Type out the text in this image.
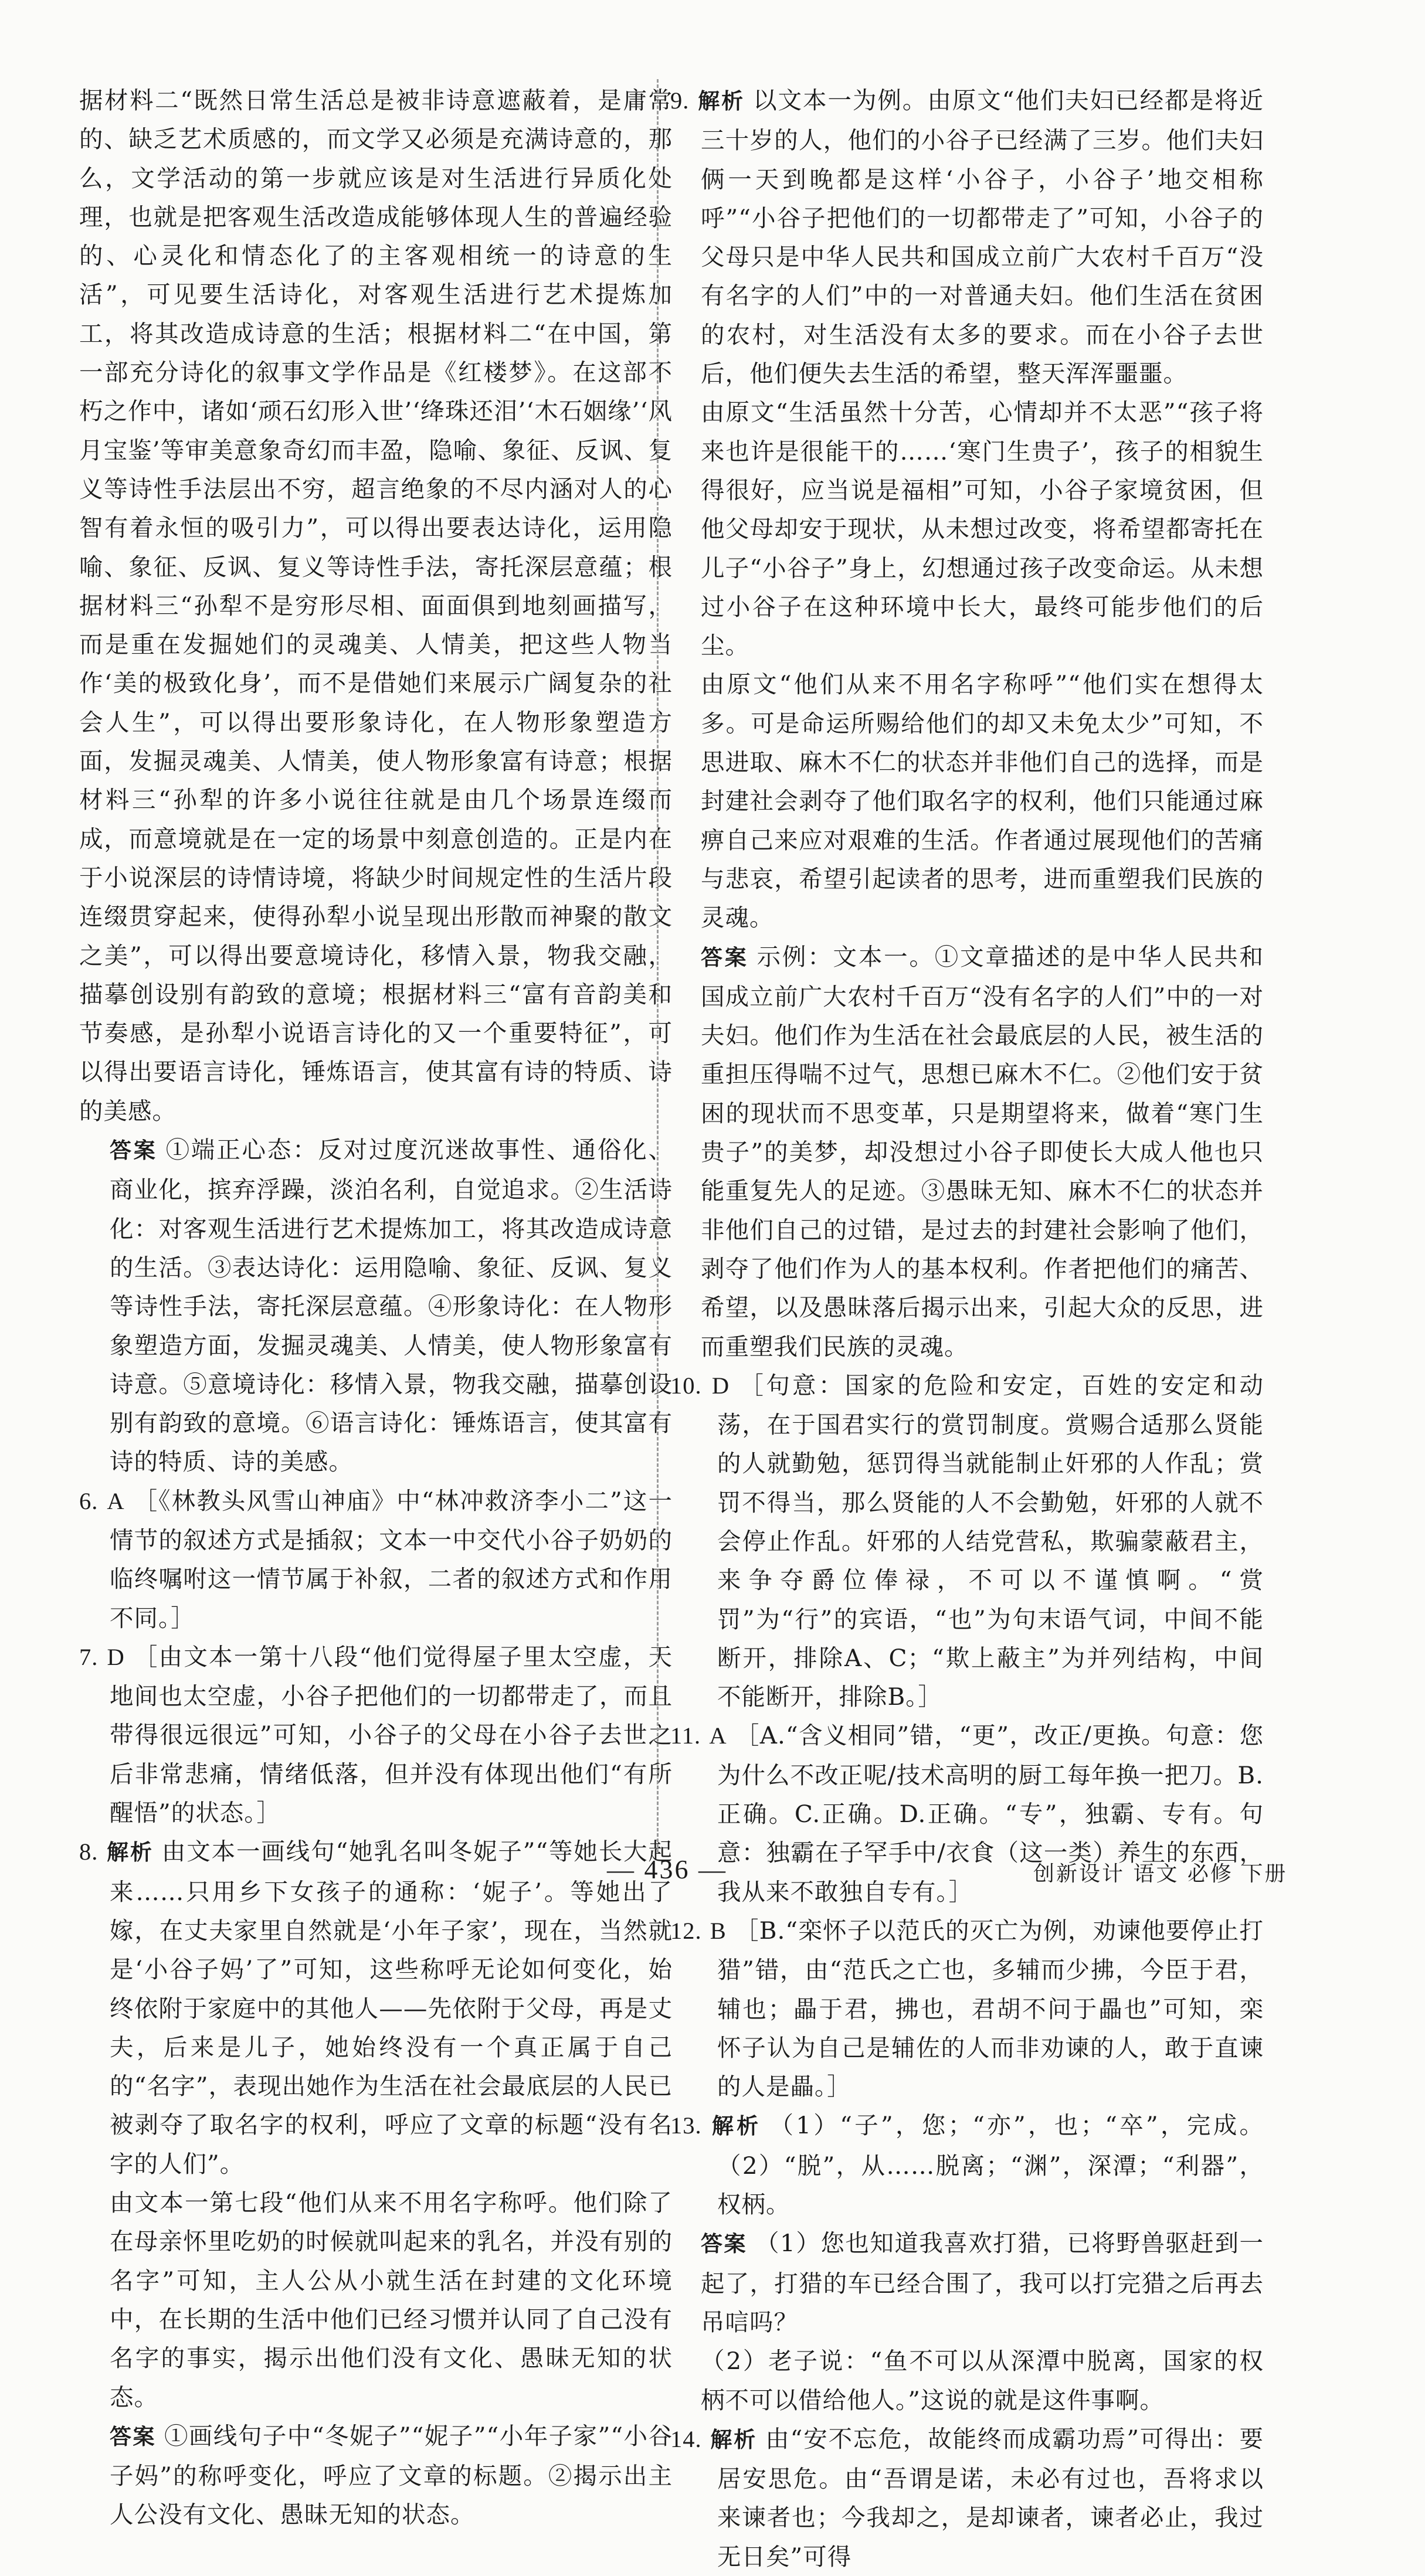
据材料二“既然日常生活总是被非诗意遮蔽着，是庸常的、缺乏艺术质感的，而文学又必须是充满诗意的，那么，文学活动的第一步就应该是对生活进行异质化处理，也就是把客观生活改造成能够体现人生的普遍经验的、心灵化和情态化了的主客观相统一的诗意的生活”，可见要生活诗化，对客观生活进行艺术提炼加工，将其改造成诗意的生活；根据材料二“在中国，第一部充分诗化的叙事文学作品是《红楼梦》。在这部不朽之作中，诸如‘顽石幻形入世’‘绛珠还泪’‘木石姻缘’‘风月宝鉴’等审美意象奇幻而丰盈，隐喻、象征、反讽、复义等诗性手法层出不穷，超言绝象的不尽内涵对人的心智有着永恒的吸引力”，可以得出要表达诗化，运用隐喻、象征、反讽、复义等诗性手法，寄托深层意蕴；根据材料三“孙犁不是穷形尽相、面面俱到地刻画描写，而是重在发掘她们的灵魂美、人情美，把这些人物当作‘美的极致化身’，而不是借她们来展示广阔复杂的社会人生”，可以得出要形象诗化，在人物形象塑造方面，发掘灵魂美、人情美，使人物形象富有诗意；根据材料三“孙犁的许多小说往往就是由几个场景连缀而成，而意境就是在一定的场景中刻意创造的。正是内在于小说深层的诗情诗境，将缺少时间规定性的生活片段连缀贯穿起来，使得孙犁小说呈现出形散而神聚的散文之美”，可以得出要意境诗化，移情入景，物我交融，描摹创设别有韵致的意境；根据材料三“富有音韵美和节奏感，是孙犁小说语言诗化的又一个重要特征”，可以得出要语言诗化，锤炼语言，使其富有诗的特质、诗的美感。

答案 ①端正心态：反对过度沉迷故事性、通俗化、商业化，摈弃浮躁，淡泊名利，自觉追求。②生活诗化：对客观生活进行艺术提炼加工，将其改造成诗意的生活。③表达诗化：运用隐喻、象征、反讽、复义等诗性手法，寄托深层意蕴。④形象诗化：在人物形象塑造方面，发掘灵魂美、人情美，使人物形象富有诗意。⑤意境诗化：移情入景，物我交融，描摹创设别有韵致的意境。⑥语言诗化：锤炼语言，使其富有诗的特质、诗的美感。

6. A ［《林教头风雪山神庙》中“林冲救济李小二”这一情节的叙述方式是插叙；文本一中交代小谷子奶奶的临终嘱咐这一情节属于补叙，二者的叙述方式和作用不同。］

7. D ［由文本一第十八段“他们觉得屋子里太空虚，天地间也太空虚，小谷子把他们的一切都带走了，而且带得很远很远”可知，小谷子的父母在小谷子去世之后非常悲痛，情绪低落，但并没有体现出他们“有所醒悟”的状态。］

8. 解析 由文本一画线句“她乳名叫冬妮子”“等她长大起来……只用乡下女孩子的通称：‘妮子’。等她出了嫁，在丈夫家里自然就是‘小年子家’，现在，当然就是‘小谷子妈’了”可知，这些称呼无论如何变化，始终依附于家庭中的其他人——先依附于父母，再是丈夫，后来是儿子，她始终没有一个真正属于自己的“名字”，表现出她作为生活在社会最底层的人民已被剥夺了取名字的权利，呼应了文章的标题“没有名字的人们”。

由文本一第七段“他们从来不用名字称呼。他们除了在母亲怀里吃奶的时候就叫起来的乳名，并没有别的名字”可知，主人公从小就生活在封建的文化环境中，在长期的生活中他们已经习惯并认同了自己没有名字的事实，揭示出他们没有文化、愚昧无知的状态。

答案 ①画线句子中“冬妮子”“妮子”“小年子家”“小谷子妈”的称呼变化，呼应了文章的标题。②揭示出主人公没有文化、愚昧无知的状态。

9. 解析 以文本一为例。由原文“他们夫妇已经都是将近三十岁的人，他们的小谷子已经满了三岁。他们夫妇俩一天到晚都是这样‘小谷子，小谷子’地交相称呼”“小谷子把他们的一切都带走了”可知，小谷子的父母只是中华人民共和国成立前广大农村千百万“没有名字的人们”中的一对普通夫妇。他们生活在贫困的农村，对生活没有太多的要求。而在小谷子去世后，他们便失去生活的希望，整天浑浑噩噩。

由原文“生活虽然十分苦，心情却并不太恶”“孩子将来也许是很能干的……‘寒门生贵子’，孩子的相貌生得很好，应当说是福相”可知，小谷子家境贫困，但他父母却安于现状，从未想过改变，将希望都寄托在儿子“小谷子”身上，幻想通过孩子改变命运。从未想过小谷子在这种环境中长大，最终可能步他们的后尘。

由原文“他们从来不用名字称呼”“他们实在想得太多。可是命运所赐给他们的却又未免太少”可知，不思进取、麻木不仁的状态并非他们自己的选择，而是封建社会剥夺了他们取名字的权利，他们只能通过麻痹自己来应对艰难的生活。作者通过展现他们的苦痛与悲哀，希望引起读者的思考，进而重塑我们民族的灵魂。

答案 示例：文本一。①文章描述的是中华人民共和国成立前广大农村千百万“没有名字的人们”中的一对夫妇。他们作为生活在社会最底层的人民，被生活的重担压得喘不过气，思想已麻木不仁。②他们安于贫困的现状而不思变革，只是期望将来，做着“寒门生贵子”的美梦，却没想过小谷子即使长大成人他也只能重复先人的足迹。③愚昧无知、麻木不仁的状态并非他们自己的过错，是过去的封建社会影响了他们，剥夺了他们作为人的基本权利。作者把他们的痛苦、希望，以及愚昧落后揭示出来，引起大众的反思，进而重塑我们民族的灵魂。

10. D ［句意：国家的危险和安定，百姓的安定和动荡，在于国君实行的赏罚制度。赏赐合适那么贤能的人就勤勉，惩罚得当就能制止奸邪的人作乱；赏罚不得当，那么贤能的人不会勤勉，奸邪的人就不会停止作乱。奸邪的人结党营私，欺骗蒙蔽君主，来争夺爵位俸禄，不可以不谨慎啊。“赏罚”为“行”的宾语，“也”为句末语气词，中间不能断开，排除A、C；“欺上蔽主”为并列结构，中间不能断开，排除B。］

11. A ［A.“含义相同”错，“更”，改正/更换。句意：您为什么不改正呢/技术高明的厨工每年换一把刀。B.正确。C.正确。D.正确。“专”，独霸、专有。句意：独霸在子罕手中/衣食（这一类）养生的东西，我从来不敢独自专有。］

12. B ［B.“栾怀子以范氏的灭亡为例，劝谏他要停止打猎”错，由“范氏之亡也，多辅而少拂，今臣于君，辅也；畾于君，拂也，君胡不问于畾也”可知，栾怀子认为自己是辅佐的人而非劝谏的人，敢于直谏的人是畾。］

13. 解析 （1）“子”，您；“亦”，也；“卒”，完成。（2）“脱”，从……脱离；“渊”，深潭；“利器”，权柄。

答案 （1）您也知道我喜欢打猎，已将野兽驱赶到一起了，打猎的车已经合围了，我可以打完猎之后再去吊唁吗？

（2）老子说：“鱼不可以从深潭中脱离，国家的权柄不可以借给他人。”这说的就是这件事啊。

14. 解析 由“安不忘危，故能终而成霸功焉”可得出：要居安思危。由“吾谓是诺，未必有过也，吾将求以来谏者也；今我却之，是却谏者，谏者必止，我过无日矣”可得

— 436 —	创新设计 语文 必修 下册
